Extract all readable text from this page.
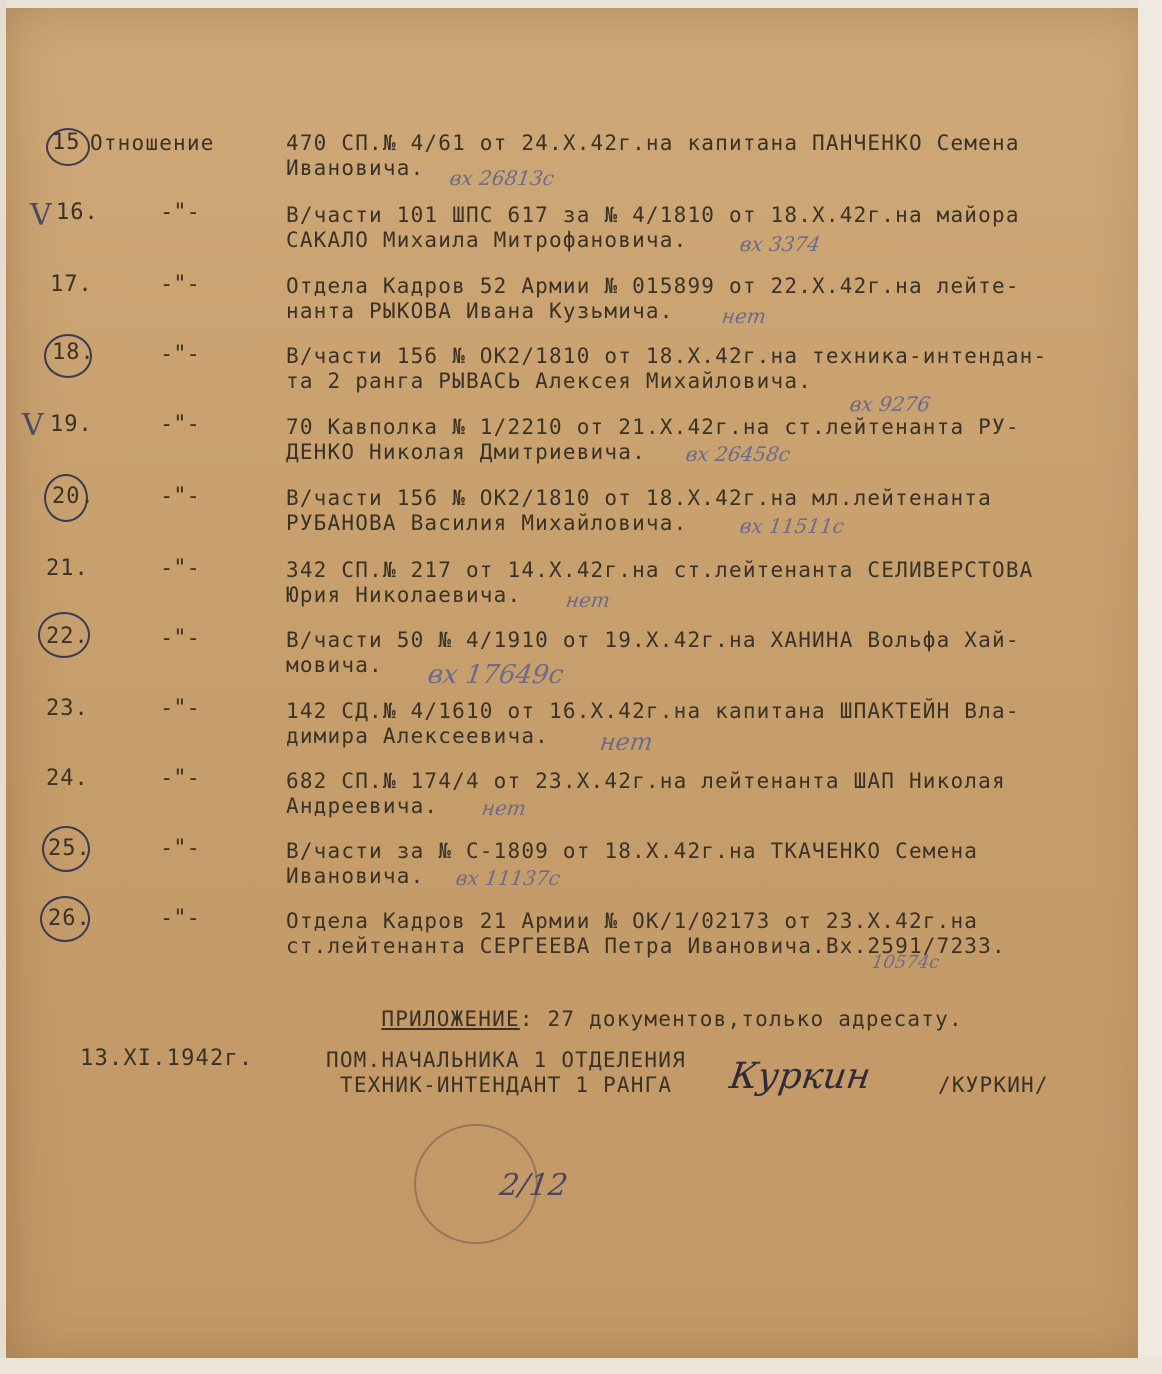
15 Отношение	470 СП.№ 4/61 от 24.Х.42г.на капитана ПАНЧЕНКО Семена
Ивановича. вх 26813с
V 16.	-"-	В/части 101 ШПС 617 за № 4/1810 от 18.Х.42г.на майора
САКАЛО Михаила Митрофановича.	вх 3374
17.	-"-	Отдела Кадров 52 Армии № 015899 от 22.Х.42г.на лейте-
нанта РЫКОВА Ивана Кузьмича. нет
18.	-"-	В/части 156 № ОК2/1810 от 18.Х.42г.на техника-интендан-
та 2 ранга РЫВАСЬ Алексея Михайловича.
вх 9276
V 19.	-"-	70 Кавполка № 1/2210 от 21.Х.42г.на ст.лейтенанта РУ-
ДЕНКО Николая Дмитриевича. вх 26458с
20.	-"-	В/части 156 № ОК2/1810 от 18.Х.42г.на мл.лейтенанта
РУБАНОВА Василия Михайловича.	вх 11511с
21.	-"-	342 СП.№ 217 от 14.Х.42г.на ст.лейтенанта СЕЛИВЕРСТОВА
Юрия Николаевича. нет
22.	-"-	В/части 50 № 4/1910 от 19.Х.42г.на ХАНИНА Вольфа Хай-
мовича. вх 17649с
23.	-"-	142 СД.№ 4/1610 от 16.Х.42г.на капитана ШПАКТЕЙН Вла-
димира Алексеевича. нет
24.	-"-	682 СП.№ 174/4 от 23.Х.42г.на лейтенанта ШАП Николая
Андреевича. нет
25.	-"-	В/части за № С-1809 от 18.Х.42г.на ТКАЧЕНКО Семена
Ивановича. вх 11137с
26.	-"-	Отдела Кадров 21 Армии № ОК/1/02173 от 23.Х.42г.на
ст.лейтенанта СЕРГЕЕВА Петра Ивановича.Вх.2591/7233.
10574с

ПРИЛОЖЕНИЕ: 27 документов,только адресату.

13.XI.1942г.	ПОМ.НАЧАЛЬНИКА 1 ОТДЕЛЕНИЯ
ТЕХНИК-ИНТЕНДАНТ 1 РАНГА Куркин	/КУРКИН/
2/12
